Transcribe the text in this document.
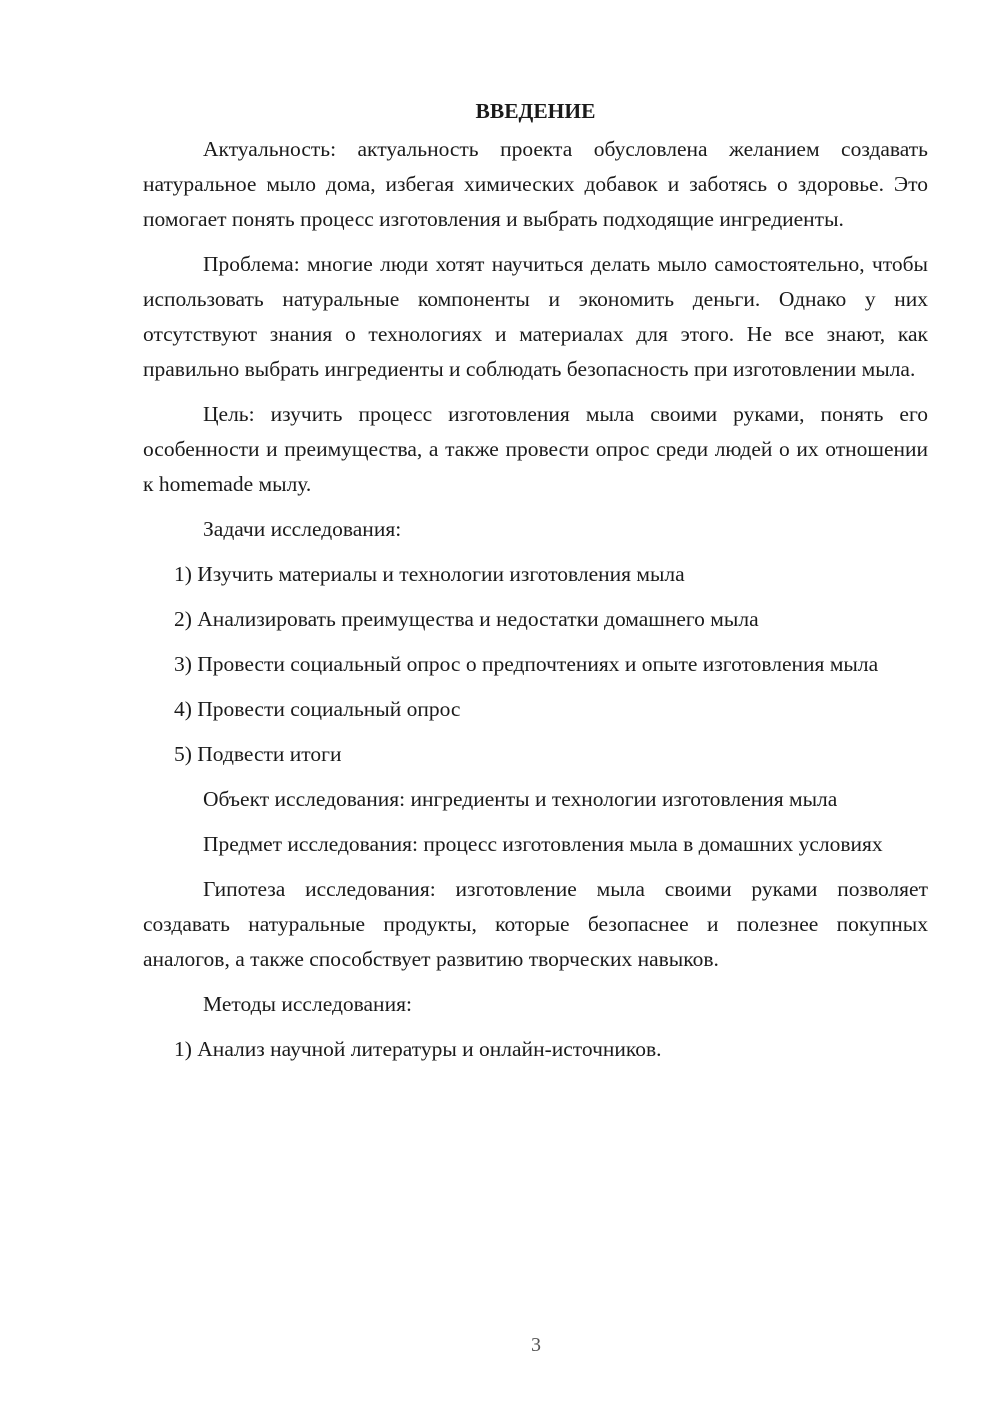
ВВЕДЕНИЕ

Актуальность: актуальность проекта обусловлена желанием создавать натуральное мыло дома, избегая химических добавок и заботясь о здоровье. Это помогает понять процесс изготовления и выбрать подходящие ингредиенты.

Проблема: многие люди хотят научиться делать мыло самостоятельно, чтобы использовать натуральные компоненты и экономить деньги. Однако у них отсутствуют знания о технологиях и материалах для этого. Не все знают, как правильно выбрать ингредиенты и соблюдать безопасность при изготовлении мыла.

Цель: изучить процесс изготовления мыла своими руками, понять его особенности и преимущества, а также провести опрос среди людей о их отношении к homemade мылу.

Задачи исследования:

1) Изучить материалы и технологии изготовления мыла

2) Анализировать преимущества и недостатки домашнего мыла

3) Провести социальный опрос о предпочтениях и опыте изготовления мыла

4) Провести социальный опрос

5) Подвести итоги

Объект исследования: ингредиенты и технологии изготовления мыла

Предмет исследования: процесс изготовления мыла в домашних условиях

Гипотеза исследования: изготовление мыла своими руками позволяет создавать натуральные продукты, которые безопаснее и полезнее покупных аналогов, а также способствует развитию творческих навыков.

Методы исследования:

1) Анализ научной литературы и онлайн-источников.

3
